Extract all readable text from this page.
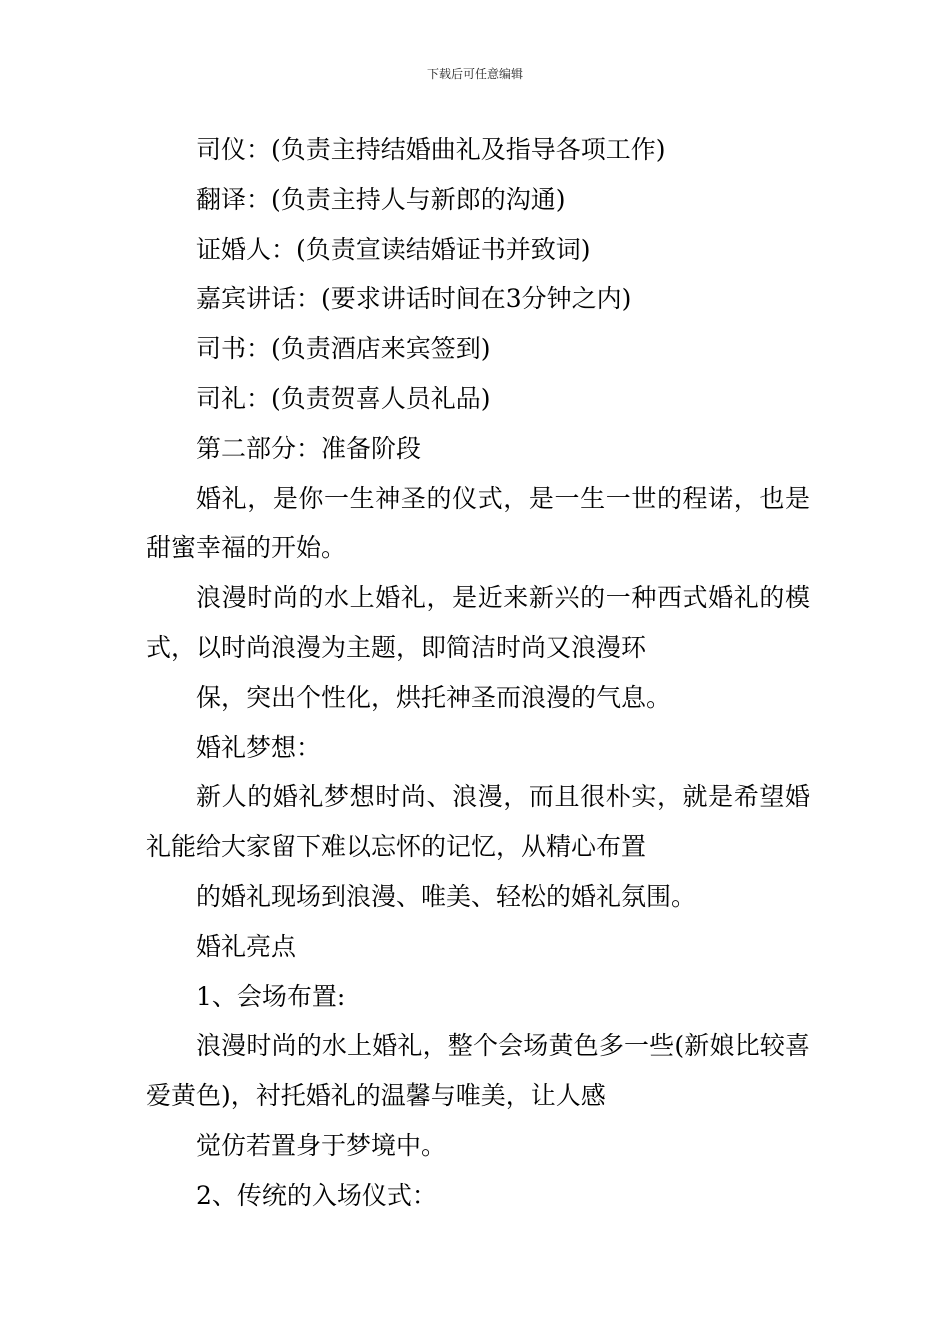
下载后可任意编辑

司仪：(负责主持结婚曲礼及指导各项工作)

翻译：(负责主持人与新郎的沟通)

证婚人：(负责宣读结婚证书并致词)

嘉宾讲话：(要求讲话时间在3分钟之内)

司书：(负责酒店来宾签到)

司礼：(负责贺喜人员礼品)

第二部分：准备阶段

婚礼，是你一生神圣的仪式，是一生一世的程诺，也是甜蜜幸福的开始。

浪漫时尚的水上婚礼，是近来新兴的一种西式婚礼的模式，以时尚浪漫为主题，即简洁时尚又浪漫环

保，突出个性化，烘托神圣而浪漫的气息。

婚礼梦想：

新人的婚礼梦想时尚、浪漫，而且很朴实，就是希望婚礼能给大家留下难以忘怀的记忆，从精心布置

的婚礼现场到浪漫、唯美、轻松的婚礼氛围。

婚礼亮点

1、会场布置:

浪漫时尚的水上婚礼，整个会场黄色多一些(新娘比较喜爱黄色)，衬托婚礼的温馨与唯美，让人感

觉仿若置身于梦境中。

2、传统的入场仪式：
